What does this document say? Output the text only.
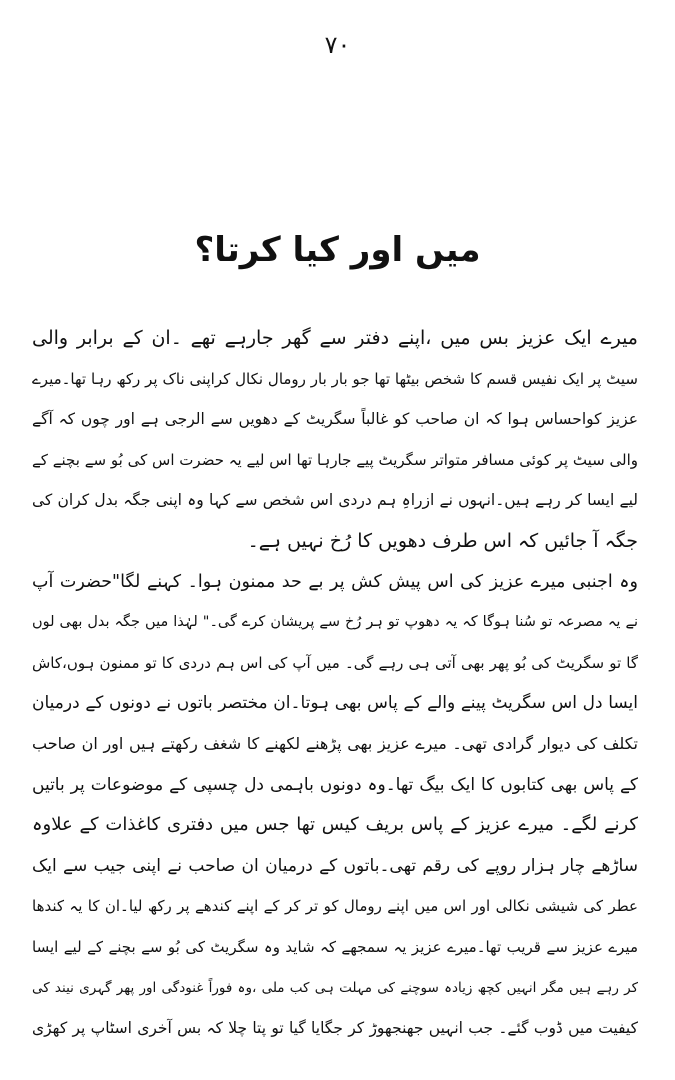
۷۰
میں اور کیا کرتا؟
میرے ایک عزیز بس میں ،اپنے دفتر سے گھر جارہے تھے ۔ان کے برابر والی
سیٹ پر ایک نفیس قسم کا شخص بیٹھا تھا جو بار بار رومال نکال کراپنی ناک پر رکھ رہا تھا۔میرے
عزیز کواحساس ہوا کہ ان صاحب کو غالباً سگریٹ کے دھویں سے الرجی ہے اور چوں کہ آگے
والی سیٹ پر کوئی مسافر متواتر سگریٹ پیے جارہا تھا اس لیے یہ حضرت اس کی بُو سے بچنے کے
لیے ایسا کر رہے ہیں۔انہوں نے ازراہِ ہم دردی اس شخص سے کہا وہ اپنی جگہ بدل کران کی
جگہ آ جائیں کہ اس طرف دھویں کا رُخ نہیں ہے۔
وہ اجنبی میرے عزیز کی اس پیش کش پر بے حد ممنون ہوا۔ کہنے لگا"حضرت آپ
نے یہ مصرعہ تو سُنا ہوگا کہ یہ دھوپ تو ہر رُخ سے پریشان کرے گی۔" لہٰذا میں جگہ بدل بھی لوں
گا تو سگریٹ کی بُو پھر بھی آتی ہی رہے گی۔ میں آپ کی اس ہم دردی کا تو ممنون ہوں،کاش
ایسا دل اس سگریٹ پینے والے کے پاس بھی ہوتا۔ان مختصر باتوں نے دونوں کے درمیان
تکلف کی دیوار گرادی تھی۔ میرے عزیز بھی پڑھنے لکھنے کا شغف رکھتے ہیں اور ان صاحب
کے پاس بھی کتابوں کا ایک بیگ تھا۔وہ دونوں باہمی دل چسپی کے موضوعات پر باتیں
کرنے لگے۔ میرے عزیز کے پاس بریف کیس تھا جس میں دفتری کاغذات کے علاوہ
ساڑھے چار ہزار روپے کی رقم تھی۔باتوں کے درمیان ان صاحب نے اپنی جیب سے ایک
عطر کی شیشی نکالی اور اس میں اپنے رومال کو تر کر کے اپنے کندھے پر رکھ لیا۔ان کا یہ کندھا
میرے عزیز سے قریب تھا۔میرے عزیز یہ سمجھے کہ شاید وہ سگریٹ کی بُو سے بچنے کے لیے ایسا
کر رہے ہیں مگر انہیں کچھ زیادہ سوچنے کی مہلت ہی کب ملی ،وہ فوراً غنودگی اور پھر گہری نیند کی
کیفیت میں ڈوب گئے۔ جب انہیں جھنجھوڑ کر جگایا گیا تو پتا چلا کہ بس آخری اسٹاپ پر کھڑی
